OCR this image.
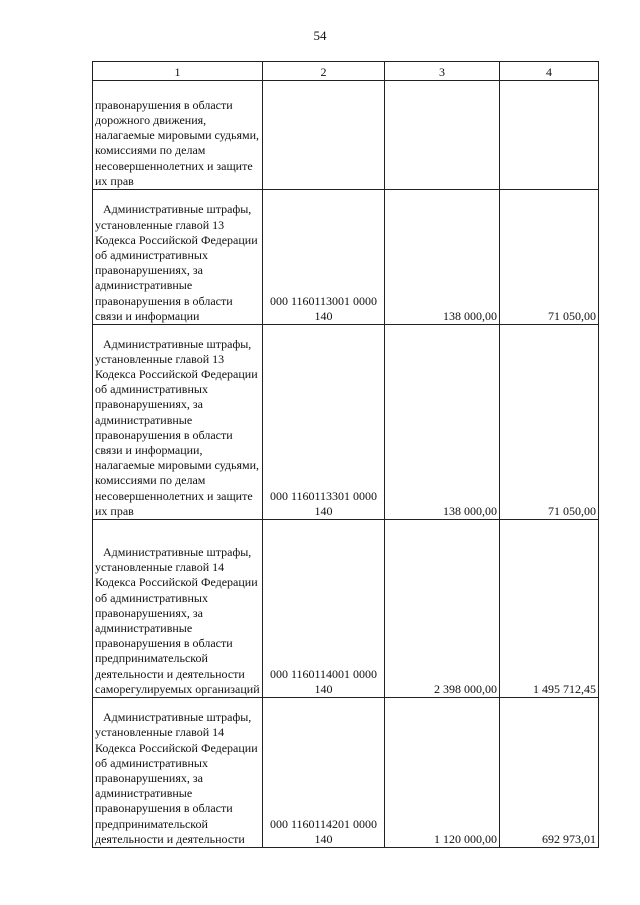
54
1	2	3	4

правонарушения в области дорожного движения, налагаемые мировыми судьями, комиссиями по делам несовершеннолетних и защите их прав			

Административные штрафы, установленные главой 13 Кодекса Российской Федерации об административных правонарушениях, за административные правонарушения в области связи и информации	000 1160113001 0000 140	138 000,00	71 050,00

Административные штрафы, установленные главой 13 Кодекса Российской Федерации об административных правонарушениях, за административные правонарушения в области связи и информации, налагаемые мировыми судьями, комиссиями по делам несовершеннолетних и защите их прав	000 1160113301 0000 140	138 000,00	71 050,00

Административные штрафы, установленные главой 14 Кодекса Российской Федерации об административных правонарушениях, за административные правонарушения в области предпринимательской деятельности и деятельности саморегулируемых организаций	000 1160114001 0000 140	2 398 000,00	1 495 712,45

Административные штрафы, установленные главой 14 Кодекса Российской Федерации об административных правонарушениях, за административные правонарушения в области предпринимательской деятельности и деятельности	000 1160114201 0000 140	1 120 000,00	692 973,01
